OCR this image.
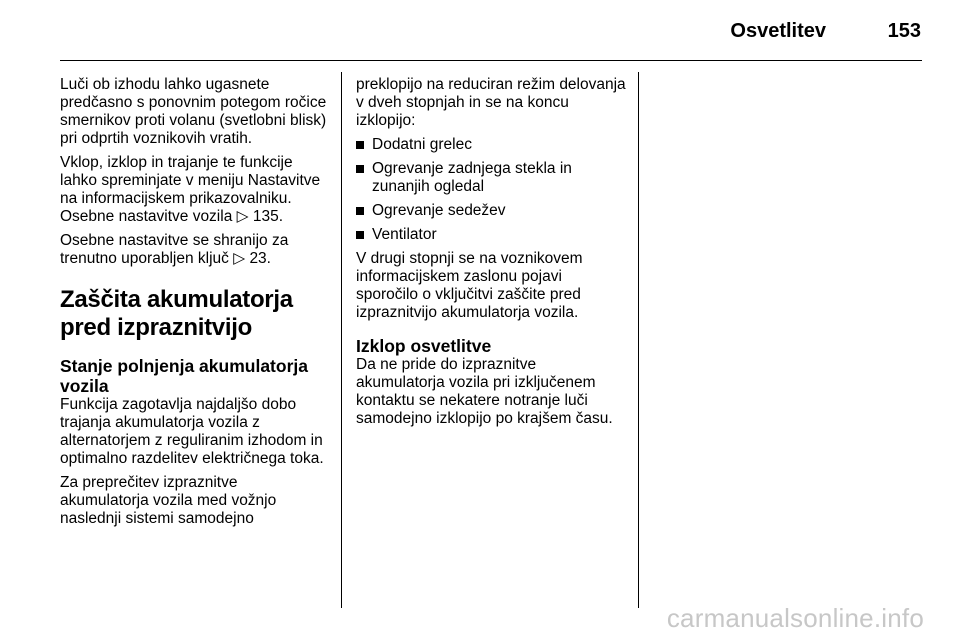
Osvetlitev	153

Luči ob izhodu lahko ugasnete predčasno s ponovnim potegom ročice smernikov proti volanu (svetlobni blisk) pri odprtih voznikovih vratih.

Vklop, izklop in trajanje te funkcije lahko spreminjate v meniju Nastavitve na informacijskem prikazovalniku. Osebne nastavitve vozila ▷ 135.

Osebne nastavitve se shranijo za trenutno uporabljen ključ ▷ 23.

Zaščita akumulatorja pred izpraznitvijo
Stanje polnjenja akumulatorja vozila

Funkcija zagotavlja najdaljšo dobo trajanja akumulatorja vozila z alternatorjem z reguliranim izhodom in optimalno razdelitev električnega toka.

Za preprečitev izpraznitve akumulatorja vozila med vožnjo naslednji sistemi samodejno

preklopijo na reduciran režim delovanja v dveh stopnjah in se na koncu izklopijo:

Dodatni grelec
Ogrevanje zadnjega stekla in zunanjih ogledal
Ogrevanje sedežev
Ventilator

V drugi stopnji se na voznikovem informacijskem zaslonu pojavi sporočilo o vključitvi zaščite pred izpraznitvijo akumulatorja vozila.

Izklop osvetlitve

Da ne pride do izpraznitve akumulatorja vozila pri izključenem kontaktu se nekatere notranje luči samodejno izklopijo po krajšem času.

carmanualsonline.info
